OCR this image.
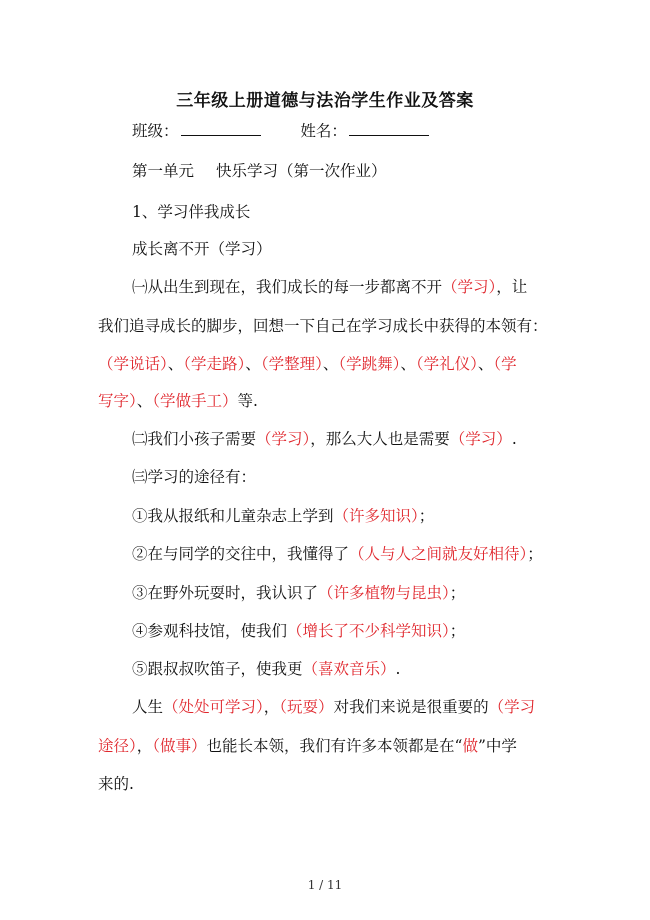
三年级上册道德与法治学生作业及答案
班级：	姓名：
第一单元 快乐学习（第一次作业）
1、学习伴我成长
成长离不开（学习）
㈠从出生到现在，我们成长的每一步都离不开（学习），让
我们追寻成长的脚步，回想一下自己在学习成长中获得的本领有：
（学说话）、（学走路）、（学整理）、（学跳舞）、（学礼仪）、（学
写字）、（学做手工）等.
㈡我们小孩子需要（学习），那么大人也是需要（学习）.
㈢学习的途径有：
①我从报纸和儿童杂志上学到（许多知识）；
②在与同学的交往中，我懂得了（人与人之间就友好相待）；
③在野外玩耍时，我认识了（许多植物与昆虫）；
④参观科技馆，使我们（增长了不少科学知识）；
⑤跟叔叔吹笛子，使我更（喜欢音乐）.
人生（处处可学习），（玩耍）对我们来说是很重要的（学习
途径），（做事）也能长本领，我们有许多本领都是在“做”中学
来的.
1 / 11
